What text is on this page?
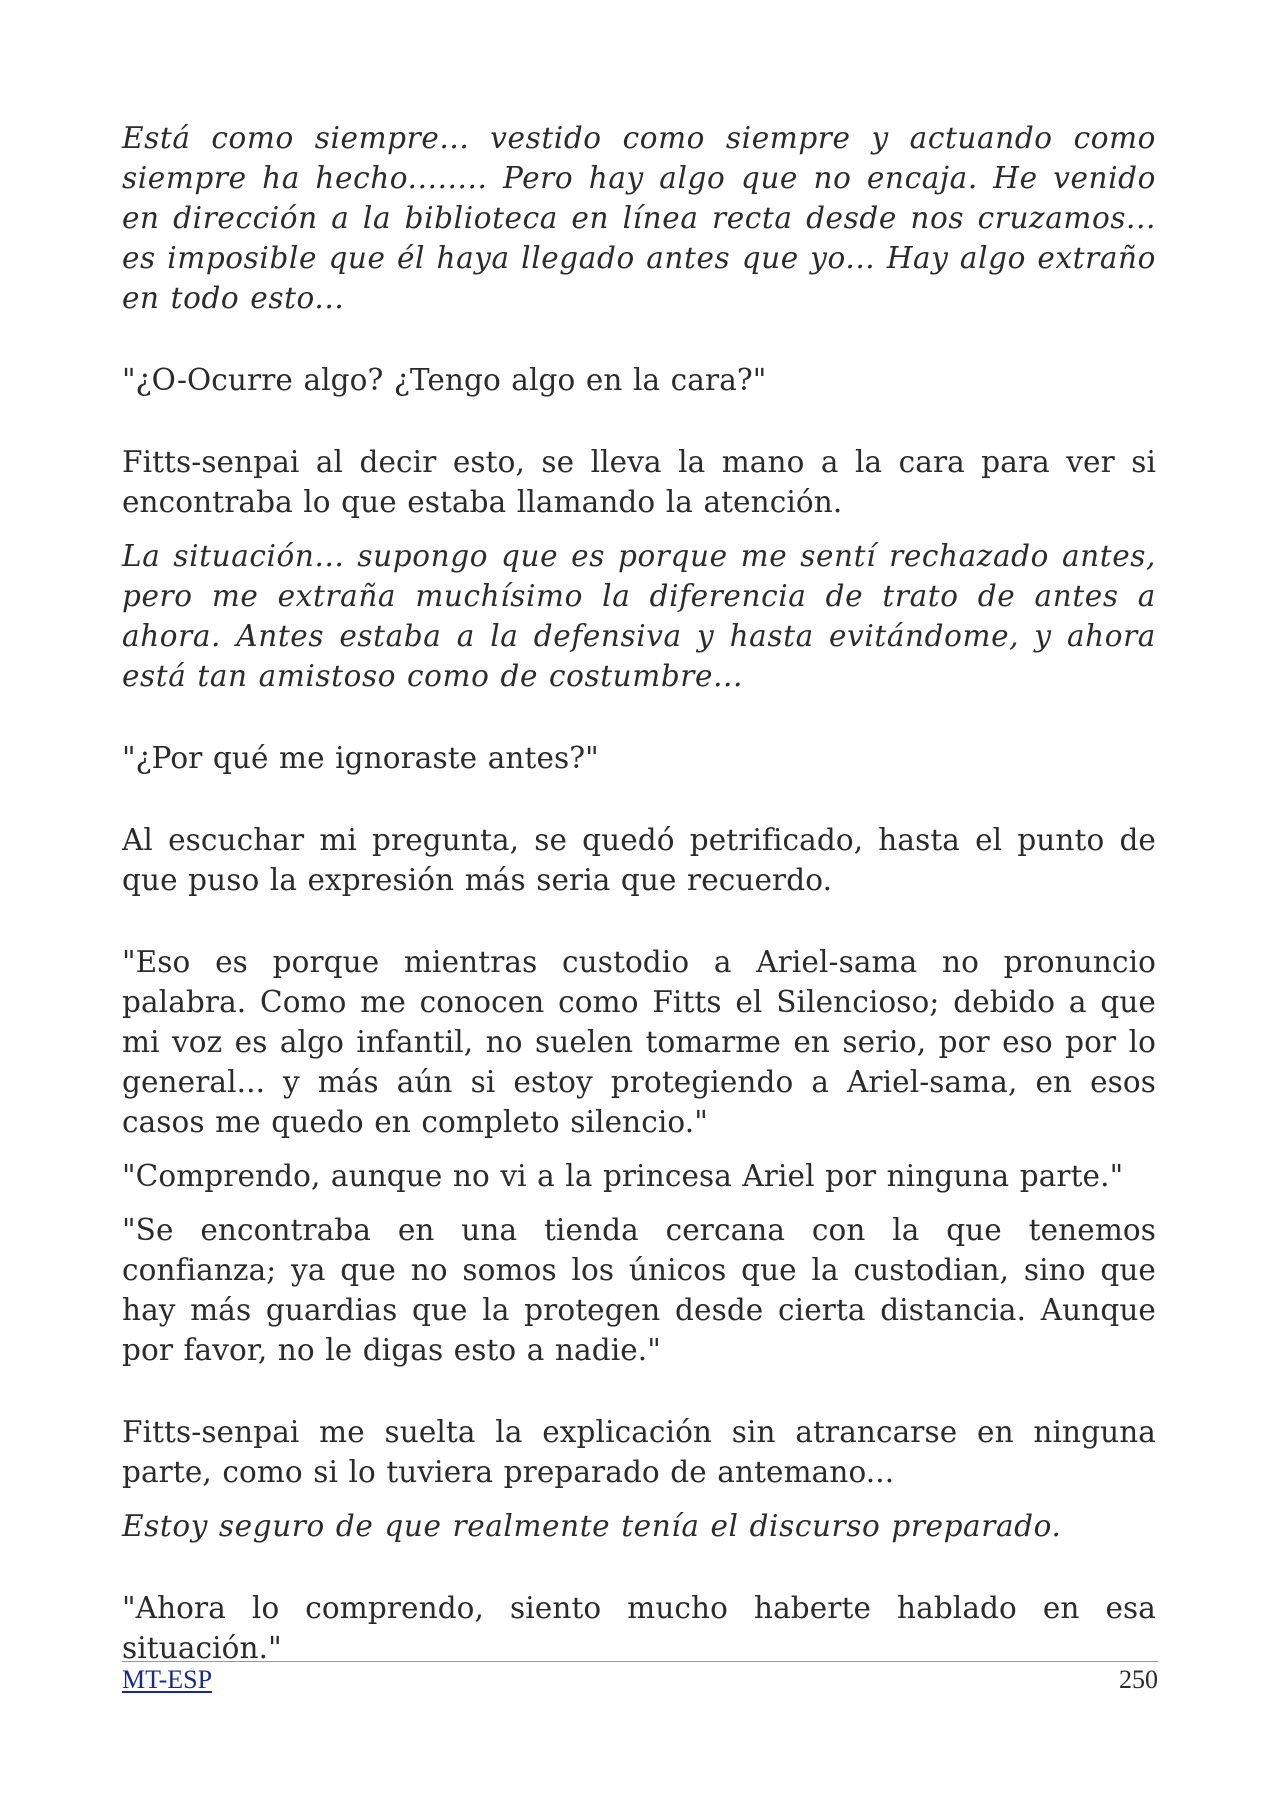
Está como siempre... vestido como siempre y actuando como siempre ha hecho........ Pero hay algo que no encaja. He venido en dirección a la biblioteca en línea recta desde nos cruzamos... es imposible que él haya llegado antes que yo... Hay algo extraño en todo esto...

"¿O-Ocurre algo? ¿Tengo algo en la cara?"

Fitts-senpai al decir esto, se lleva la mano a la cara para ver si encontraba lo que estaba llamando la atención.

La situación... supongo que es porque me sentí rechazado antes, pero me extraña muchísimo la diferencia de trato de antes a ahora. Antes estaba a la defensiva y hasta evitándome, y ahora está tan amistoso como de costumbre...

"¿Por qué me ignoraste antes?"

Al escuchar mi pregunta, se quedó petrificado, hasta el punto de que puso la expresión más seria que recuerdo.

"Eso es porque mientras custodio a Ariel-sama no pronuncio palabra. Como me conocen como Fitts el Silencioso; debido a que mi voz es algo infantil, no suelen tomarme en serio, por eso por lo general... y más aún si estoy protegiendo a Ariel-sama, en esos casos me quedo en completo silencio."

"Comprendo, aunque no vi a la princesa Ariel por ninguna parte."

"Se encontraba en una tienda cercana con la que tenemos confianza; ya que no somos los únicos que la custodian, sino que hay más guardias que la protegen desde cierta distancia. Aunque por favor, no le digas esto a nadie."

Fitts-senpai me suelta la explicación sin atrancarse en ninguna parte, como si lo tuviera preparado de antemano...

Estoy seguro de que realmente tenía el discurso preparado.

"Ahora lo comprendo, siento mucho haberte hablado en esa situación."

MT-ESP	250
